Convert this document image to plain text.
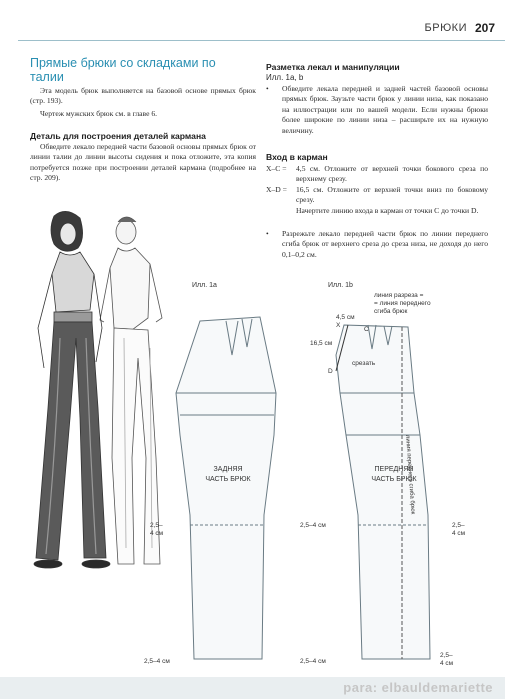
БРЮКИ 207
Прямые брюки со складками по талии
Эта модель брюк выполняется на базовой основе прямых брюк (стр. 193).
Чертеж мужских брюк см. в главе 6.
Деталь для построения деталей кармана
Обведите лекало передней части базовой основы прямых брюк от линии талии до линии высоты сидения и пока отложите, эта копия потребуется позже при построении деталей кармана (подробнее на стр. 209).
Разметка лекал и манипуляции
Илл. 1а, b
•	Обведите лекала передней и задней частей базовой основы прямых брюк. Заузьте части брюк у линии низа, как показано на иллюстрации или по вашей модели. Если нужны брюки более широкие по линии низа – расширьте их на нужную величину.
Вход в карман
X–C =	4,5 см. Отложите от верхней точки бокового среза по верхнему срезу.
X–D =	16,5 см. Отложите от верхней точки вниз по боковому срезу.
Начертите линию входа в карман от точки C до точки D.
•	Разрежьте лекало передней части брюк по линии переднего сгиба брюк от верхнего среза до среза низа, не доходя до него 0,1–0,2 см.
Илл. 1a	Илл. 1b
ЗАДНЯЯ
ЧАСТЬ БРЮК
4,5 см
X
C
16,5 см
D
срезать
линия разреза =
= линия переднего
сгиба брюк
линия переднего сгиба брюк
ПЕРЕДНЯЯ
ЧАСТЬ БРЮК
2,5–
4 см
2,5–4 см	2,5–
4 см
2,5–4 см	2,5–4 см
2,5–
4 см
para: elbauldemariette
